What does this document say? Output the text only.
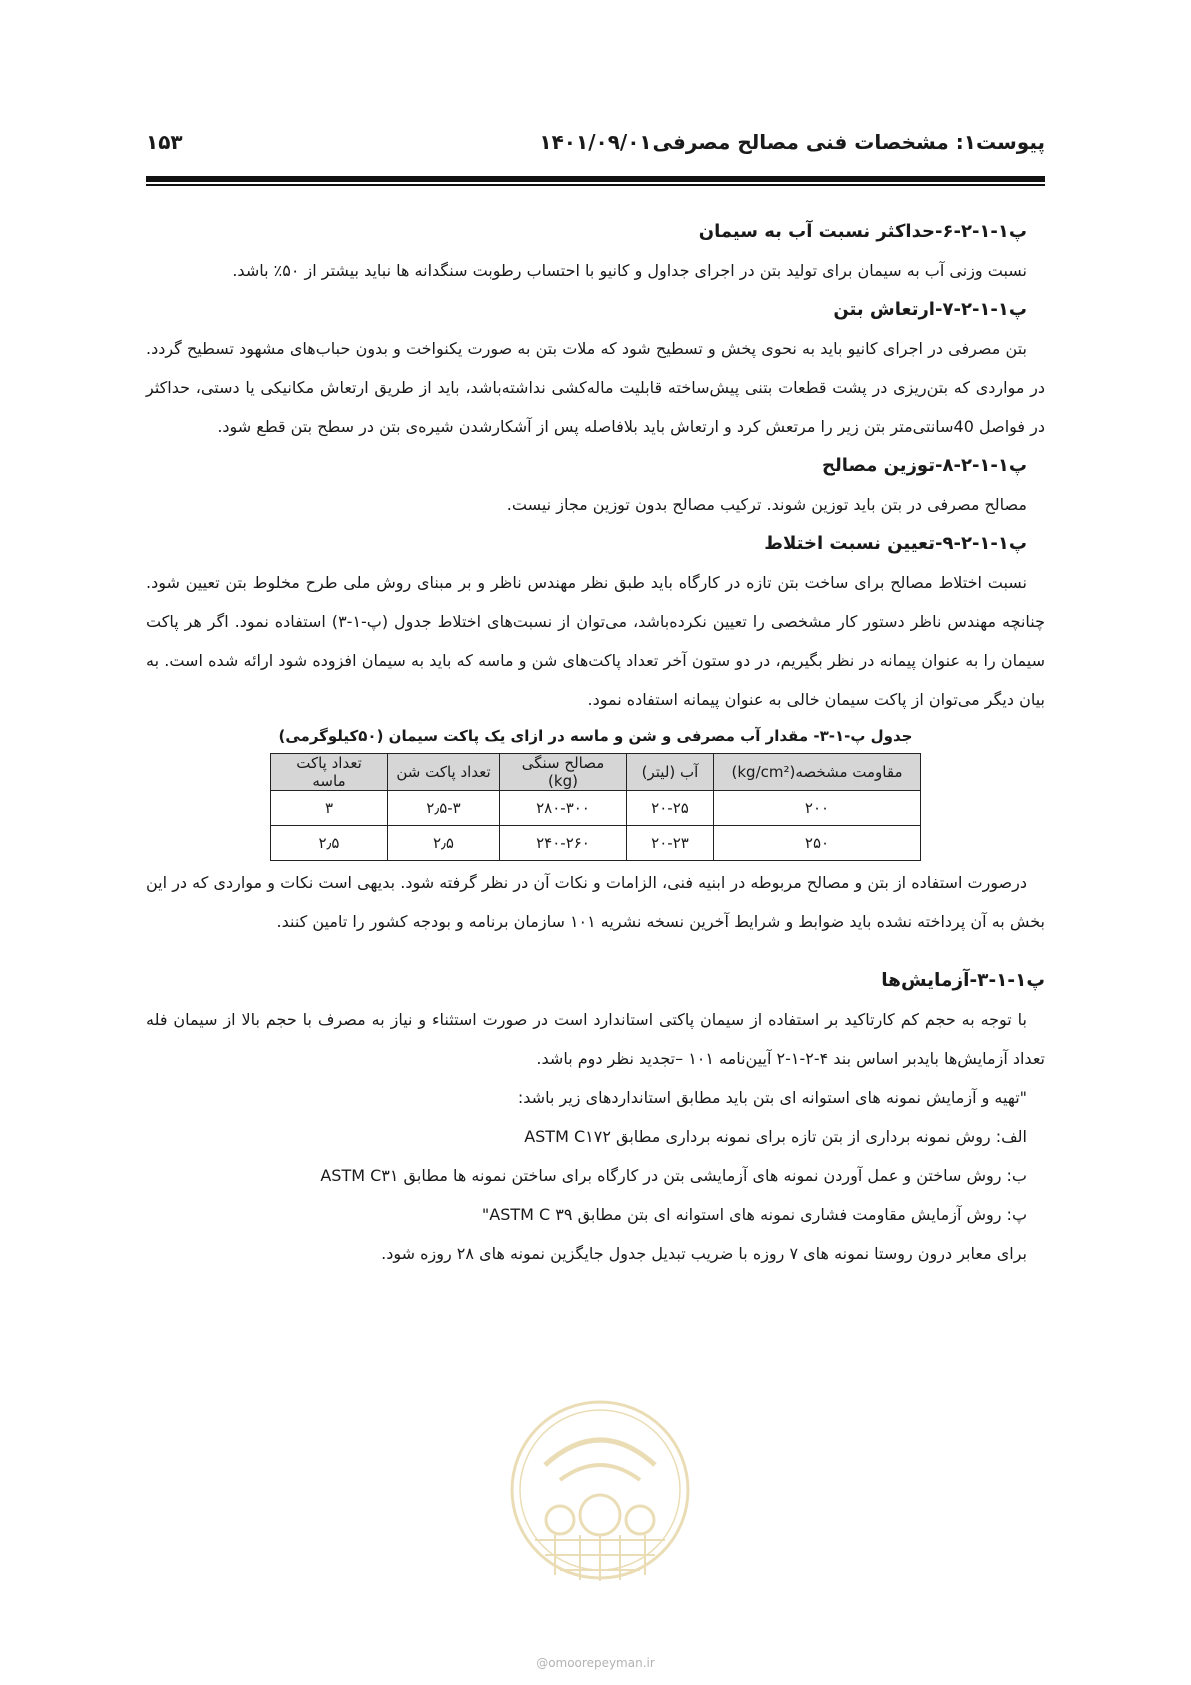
۱۵۳	۱۴۰۱/۰۹/۰۱ پیوست۱: مشخصات فنی مصالح مصرفی
پ۱-۱-۲-۶-حداکثر نسبت آب به سیمان

نسبت وزنی آب به سیمان برای تولید بتن در اجرای جداول و کانیو با احتساب رطوبت سنگدانه ها نباید بیشتر از ۵۰٪ باشد.

پ۱-۱-۲-۷-ارتعاش بتن

بتن مصرفی در اجرای کانیو باید به نحوی پخش و تسطیح شود که ملات بتن به صورت یکنواخت و بدون حباب‌های مشهود تسطیح گردد. در مواردی که بتن‌ریزی در پشت قطعات بتنی پیش‌ساخته قابلیت ماله‌کشی نداشته‌باشد، باید از طریق ارتعاش مکانیکی یا دستی، حداکثر در فواصل 40سانتی‌متر بتن زیر را مرتعش کرد و ارتعاش باید بلافاصله پس از آشکارشدن شیره‌ی بتن در سطح بتن قطع شود.

پ۱-۱-۲-۸-توزین مصالح

مصالح مصرفی در بتن باید توزین شوند. ترکیب مصالح بدون توزین مجاز نیست.

پ۱-۱-۲-۹-تعیین نسبت اختلاط

نسبت اختلاط مصالح برای ساخت بتن تازه در کارگاه باید طبق نظر مهندس ناظر و بر مبنای روش ملی طرح مخلوط بتن تعیین شود. چنانچه مهندس ناظر دستور کار مشخصی را تعیین نکرده‌باشد، می‌توان از نسبت‌های اختلاط جدول (پ-۱-۳) استفاده نمود. اگر هر پاکت سیمان را به عنوان پیمانه در نظر بگیریم، در دو ستون آخر تعداد پاکت‌های شن و ماسه که باید به سیمان افزوده شود ارائه شده است. به بیان دیگر می‌توان از پاکت سیمان خالی به عنوان پیمانه استفاده نمود.

جدول پ-۱-۳- مقدار آب مصرفی و شن و ماسه در ازای یک پاکت سیمان (۵۰کیلوگرمی)
مقاومت مشخصه(kg/cm²)	آب (لیتر)	مصالح سنگی (kg)	تعداد پاکت شن	تعداد پاکت ماسه
۲۰۰	۲۰-۲۵	۲۸۰-۳۰۰	۲٫۵-۳	۳
۲۵۰	۲۰-۲۳	۲۴۰-۲۶۰	۲٫۵	۲٫۵

درصورت استفاده از بتن و مصالح مربوطه در ابنیه فنی، الزامات و نکات آن در نظر گرفته شود. بدیهی است نکات و مواردی که در این بخش به آن پرداخته نشده باید ضوابط و شرایط آخرین نسخه نشریه ۱۰۱ سازمان برنامه و بودجه کشور را تامین کنند.

پ۱-۱-۳-آزمایش‌ها

با توجه به حجم کم کارتاکید بر استفاده از سیمان پاکتی استاندارد است در صورت استثناء و نیاز به مصرف با حجم بالا از سیمان فله تعداد آزمایش‌ها بایدبر اساس بند ۴-۲-۱-۲ آیین‌نامه ۱۰۱ –تجدید نظر دوم باشد.

"تهیه و آزمایش نمونه های استوانه ای بتن باید مطابق استانداردهای زیر باشد:

الف: روش نمونه برداری از بتن تازه برای نمونه برداری مطابق ASTM C۱۷۲

ب: روش ساختن و عمل آوردن نمونه های آزمایشی بتن در کارگاه برای ساختن نمونه ها مطابق ASTM C۳۱

پ: روش آزمایش مقاومت فشاری نمونه های استوانه ای بتن مطابق ASTM C ۳۹"

برای معابر درون روستا نمونه های ۷ روزه با ضریب تبدیل جدول جایگزین نمونه های ۲۸ روزه شود.

@omoorepeyman.ir
